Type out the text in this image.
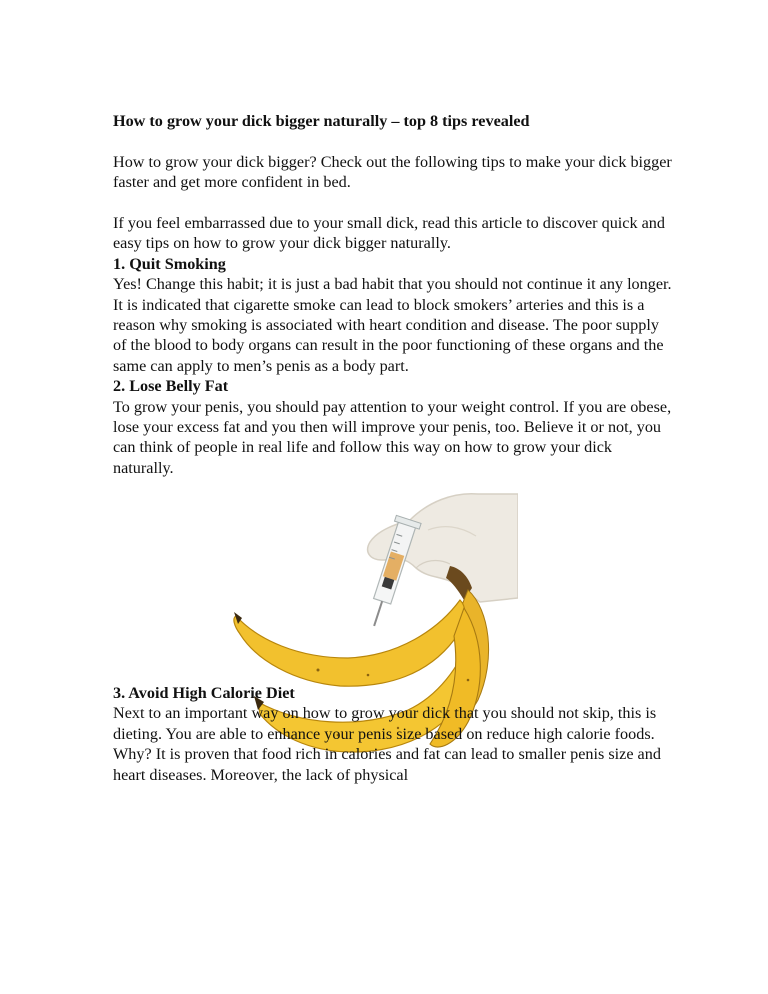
How to grow your dick bigger naturally – top 8 tips revealed
How to grow your dick bigger? Check out the following tips to make your dick bigger faster and get more confident in bed.
If you feel embarrassed due to your small dick, read this article to discover quick and easy tips on how to grow your dick bigger naturally.
1. Quit Smoking
Yes! Change this habit; it is just a bad habit that you should not continue it any longer. It is indicated that cigarette smoke can lead to block smokers’ arteries and this is a reason why smoking is associated with heart condition and disease. The poor supply of the blood to body organs can result in the poor functioning of these organs and the same can apply to men’s penis as a body part.
2. Lose Belly Fat
To grow your penis, you should pay attention to your weight control. If you are obese, lose your excess fat and you then will improve your penis, too. Believe it or not, you can think of people in real life and follow this way on how to grow your dick naturally.
3. Avoid High Calorie Diet
Next to an important way on how to grow your dick that you should not skip, this is dieting. You are able to enhance your penis size based on reduce high calorie foods. Why? It is proven that food rich in calories and fat can lead to smaller penis size and heart diseases. Moreover, the lack of physical
